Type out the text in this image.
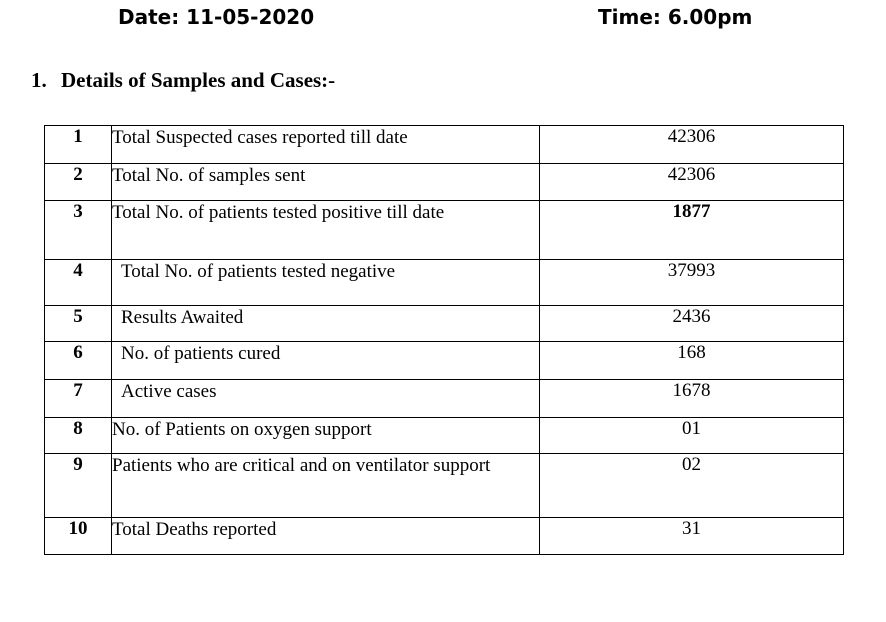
Date: 11-05-2020	Time: 6.00pm
1. Details of Samples and Cases:-
1	Total Suspected cases reported till date	42306
2	Total No. of samples sent	42306
3	Total No. of patients tested positive till date	1877
4	Total No. of patients tested negative	37993
5	Results Awaited	2436
6	No. of patients cured	168
7	Active cases	1678
8	No. of Patients on oxygen support	01
9	Patients who are critical and on ventilator support	02
10	Total Deaths reported	31
